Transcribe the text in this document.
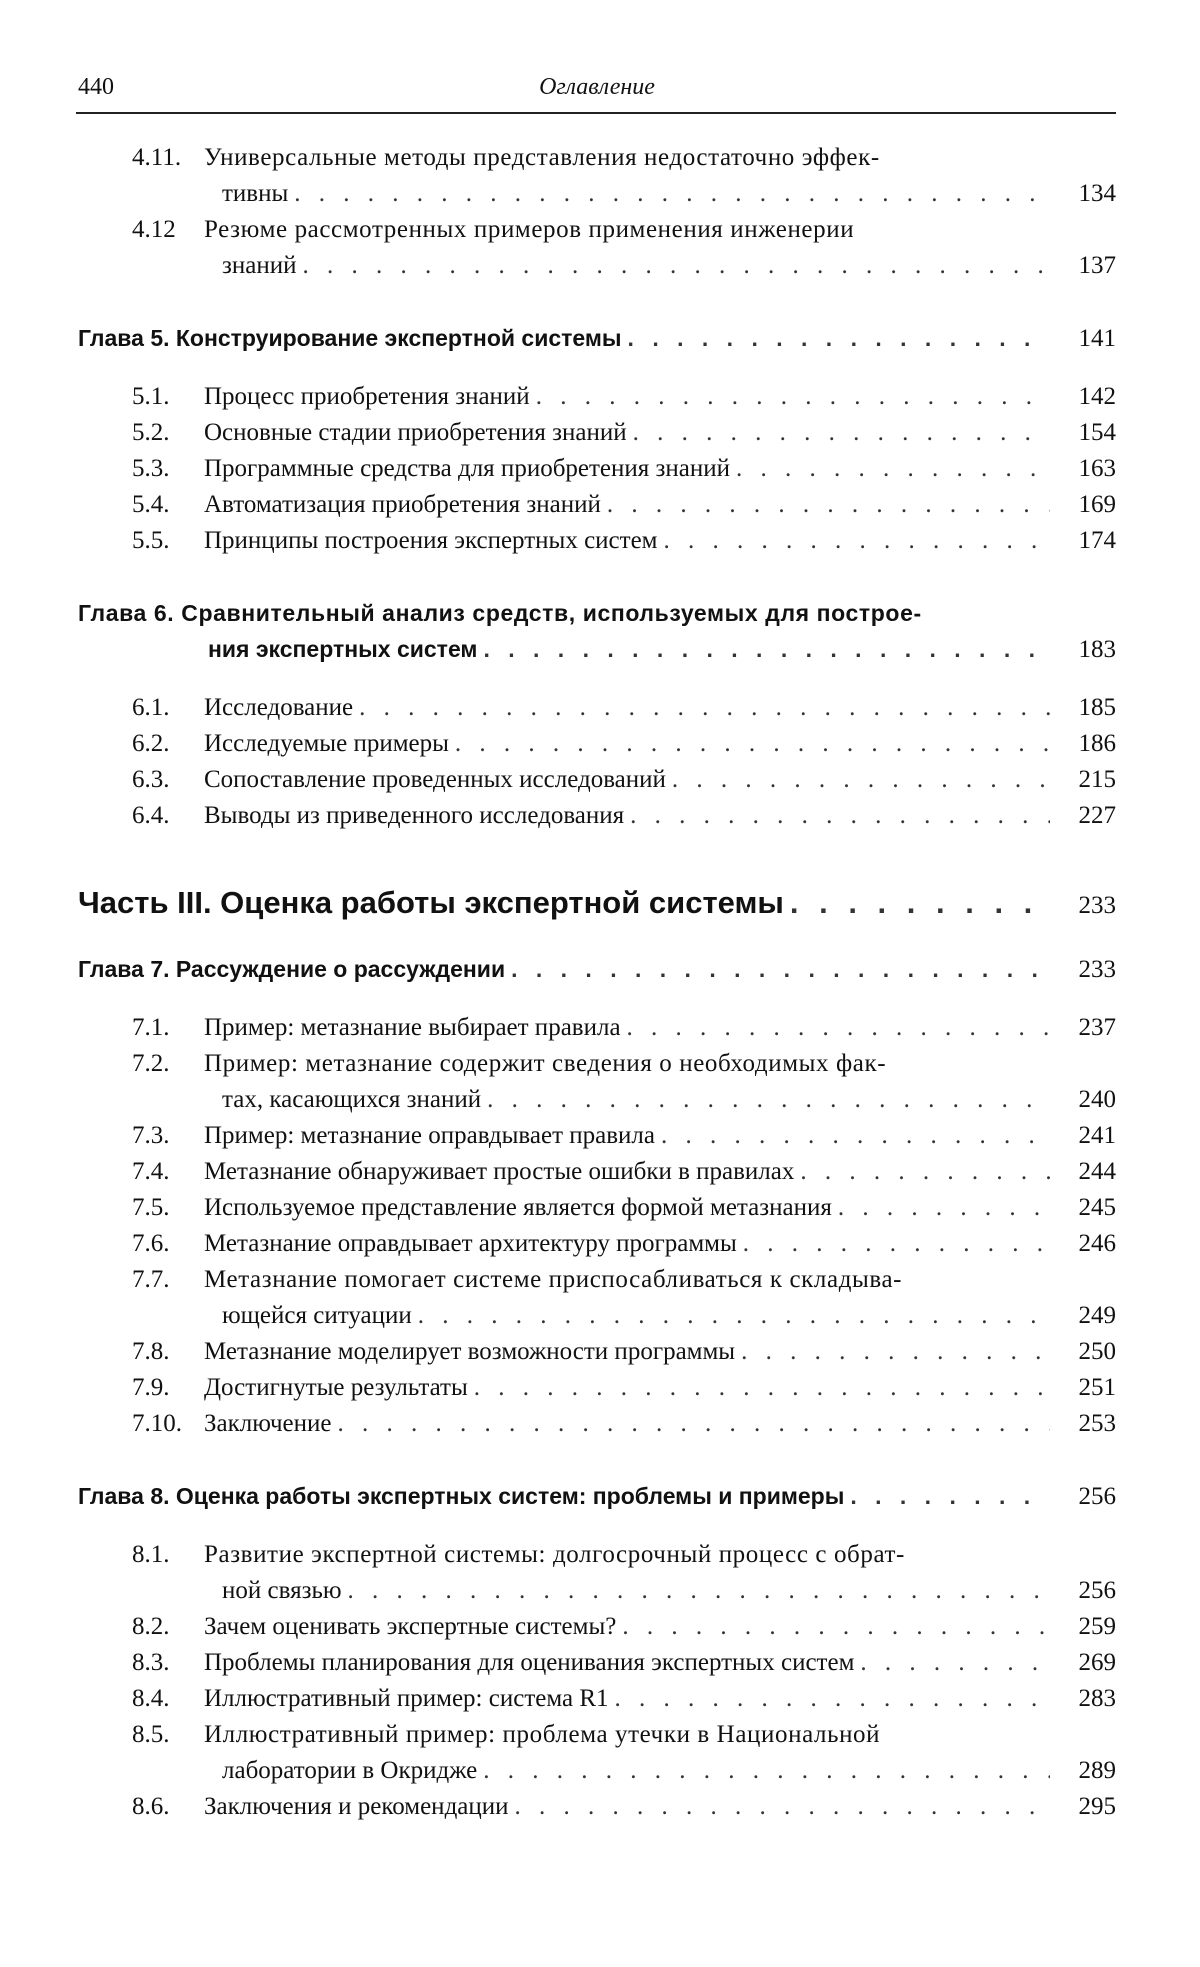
440	Оглавление
4.11. Универсальные методы представления недостаточно эффек-
тивны . . .	134
4.12 Резюме рассмотренных примеров применения инженерии
знаний . . .	137
Глава 5. Конструирование экспертной системы . . .	141
5.1. Процесс приобретения знаний . . .	142
5.2. Основные стадии приобретения знаний . . .	154
5.3. Программные средства для приобретения знаний . . .	163
5.4. Автоматизация приобретения знаний . . .	169
5.5. Принципы построения экспертных систем . . .	174
Глава 6. Сравнительный анализ средств, используемых для построе-
ния экспертных систем . . .	183
6.1. Исследование . . .	185
6.2. Исследуемые примеры . . .	186
6.3. Сопоставление проведенных исследований . . .	215
6.4. Выводы из приведенного исследования . . .	227
Часть III. Оценка работы экспертной системы . . .	233
Глава 7. Рассуждение о рассуждении . . .	233
7.1. Пример: метазнание выбирает правила . . .	237
7.2. Пример: метазнание содержит сведения о необходимых фак-
тах, касающихся знаний . . .	240
7.3. Пример: метазнание оправдывает правила . . .	241
7.4. Метазнание обнаруживает простые ошибки в правилах . . .	244
7.5. Используемое представление является формой метазнания . . .	245
7.6. Метазнание оправдывает архитектуру программы . . .	246
7.7. Метазнание помогает системе приспосабливаться к складыва-
ющейся ситуации . . .	249
7.8. Метазнание моделирует возможности программы . . .	250
7.9. Достигнутые результаты . . .	251
7.10. Заключение . . .	253
Глава 8. Оценка работы экспертных систем: проблемы и примеры . . .	256
8.1. Развитие экспертной системы: долгосрочный процесс с обрат-
ной связью . . .	256
8.2. Зачем оценивать экспертные системы? . . .	259
8.3. Проблемы планирования для оценивания экспертных систем . . .	269
8.4. Иллюстративный пример: система R1 . . .	283
8.5. Иллюстративный пример: проблема утечки в Национальной
лаборатории в Окридже . . .	289
8.6. Заключения и рекомендации . . .	295
